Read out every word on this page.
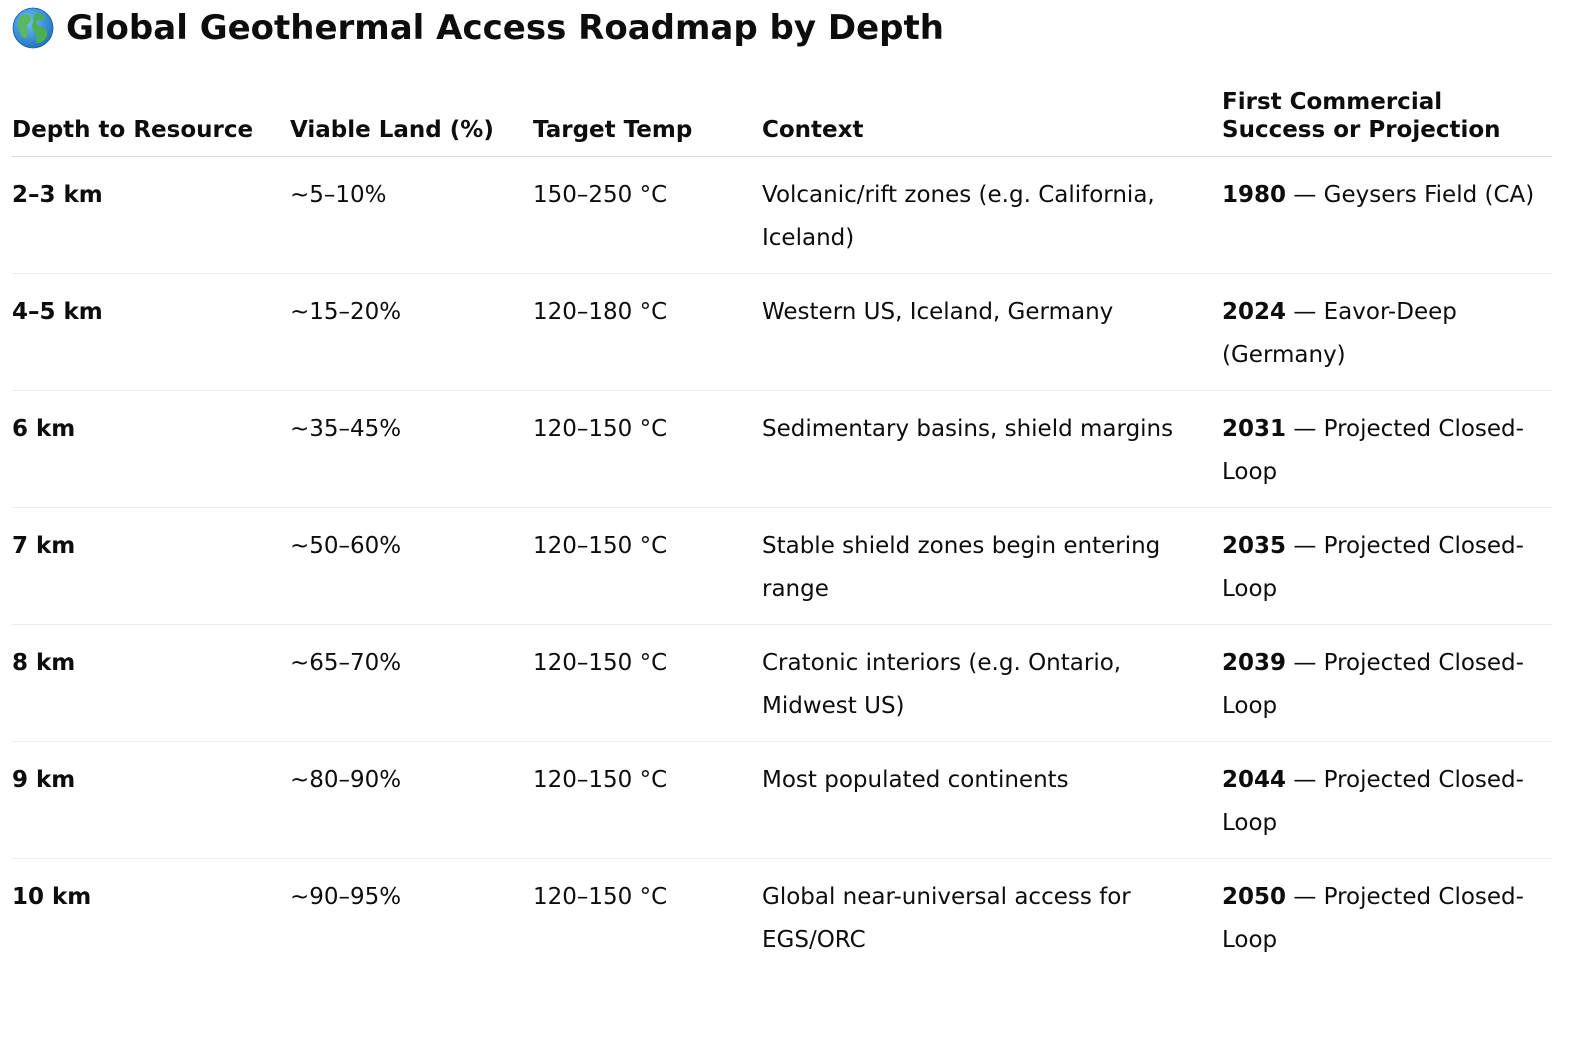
Global Geothermal Access Roadmap by Depth
Depth to Resource	Viable Land (%)	Target Temp	Context	First Commercial Success or Projection
2–3 km	~5–10%	150–250 °C	Volcanic/rift zones (e.g. California, Iceland)	1980 — Geysers Field (CA)
4–5 km	~15–20%	120–180 °C	Western US, Iceland, Germany	2024 — Eavor-Deep (Germany)
6 km	~35–45%	120–150 °C	Sedimentary basins, shield margins	2031 — Projected Closed-Loop
7 km	~50–60%	120–150 °C	Stable shield zones begin entering range	2035 — Projected Closed-Loop
8 km	~65–70%	120–150 °C	Cratonic interiors (e.g. Ontario, Midwest US)	2039 — Projected Closed-Loop
9 km	~80–90%	120–150 °C	Most populated continents	2044 — Projected Closed-Loop
10 km	~90–95%	120–150 °C	Global near-universal access for EGS/ORC	2050 — Projected Closed-Loop
